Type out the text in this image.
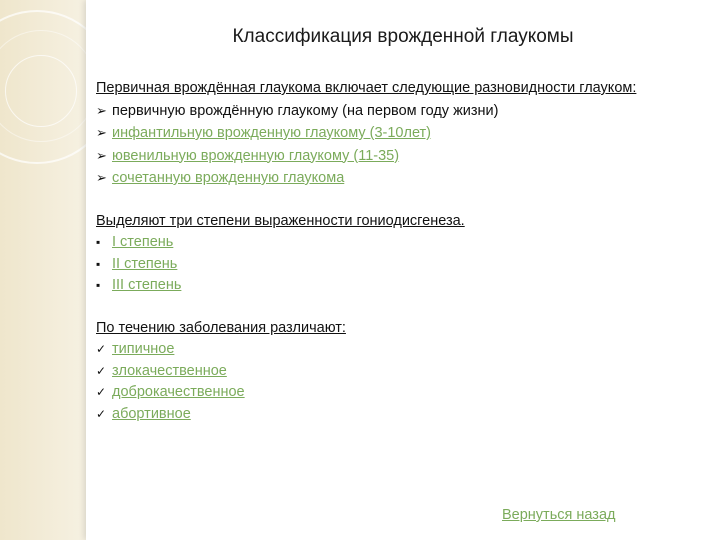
Классификация врожденной глаукомы
Первичная врождённая глаукома включает следующие разновидности глауком:
➢ первичную врождённую глаукому (на первом году жизни)
➢ инфантильную врожденную глаукому (3-10лет)
➢ ювенильную врожденную глаукому (11-35)
➢ сочетанную врожденную глаукома
Выделяют три степени выраженности гониодисгенеза.
▪ I степень
▪ II степень
▪ III степень
По течению заболевания различают:
✓ типичное
✓ злокачественное
✓ доброкачественное
✓ абортивное
Вернуться назад
